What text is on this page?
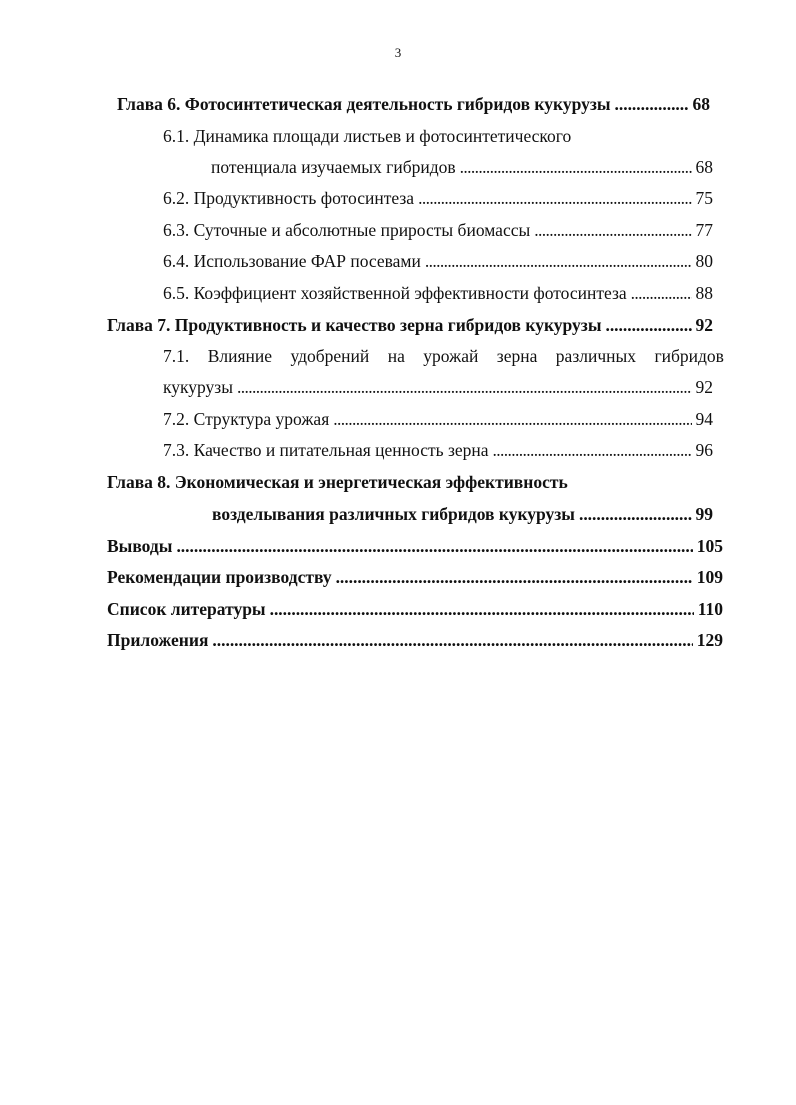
3
Глава 6. Фотосинтетическая деятельность гибридов кукурузы . . .	68
6.1. Динамика площади листьев и фотосинтетического
потенциала изучаемых гибридов . . .	68
6.2. Продуктивность фотосинтеза . . .	75
6.3. Суточные и абсолютные приросты биомассы . . .	77
6.4. Использование ФАР посевами . . .	80
6.5. Коэффициент хозяйственной эффективности фотосинтеза . . .	88
Глава 7. Продуктивность и качество зерна гибридов кукурузы . . .	92
7.1. Влияние удобрений на урожай зерна различных гибридов
кукурузы . . .	92
7.2. Структура урожая . . .	94
7.3. Качество и питательная ценность зерна . . .	96
Глава 8. Экономическая и энергетическая эффективность
возделывания различных гибридов кукурузы . . .	99
Выводы . . .	105
Рекомендации производству . . .	109
Список литературы . . .	110
Приложения . . .	129
